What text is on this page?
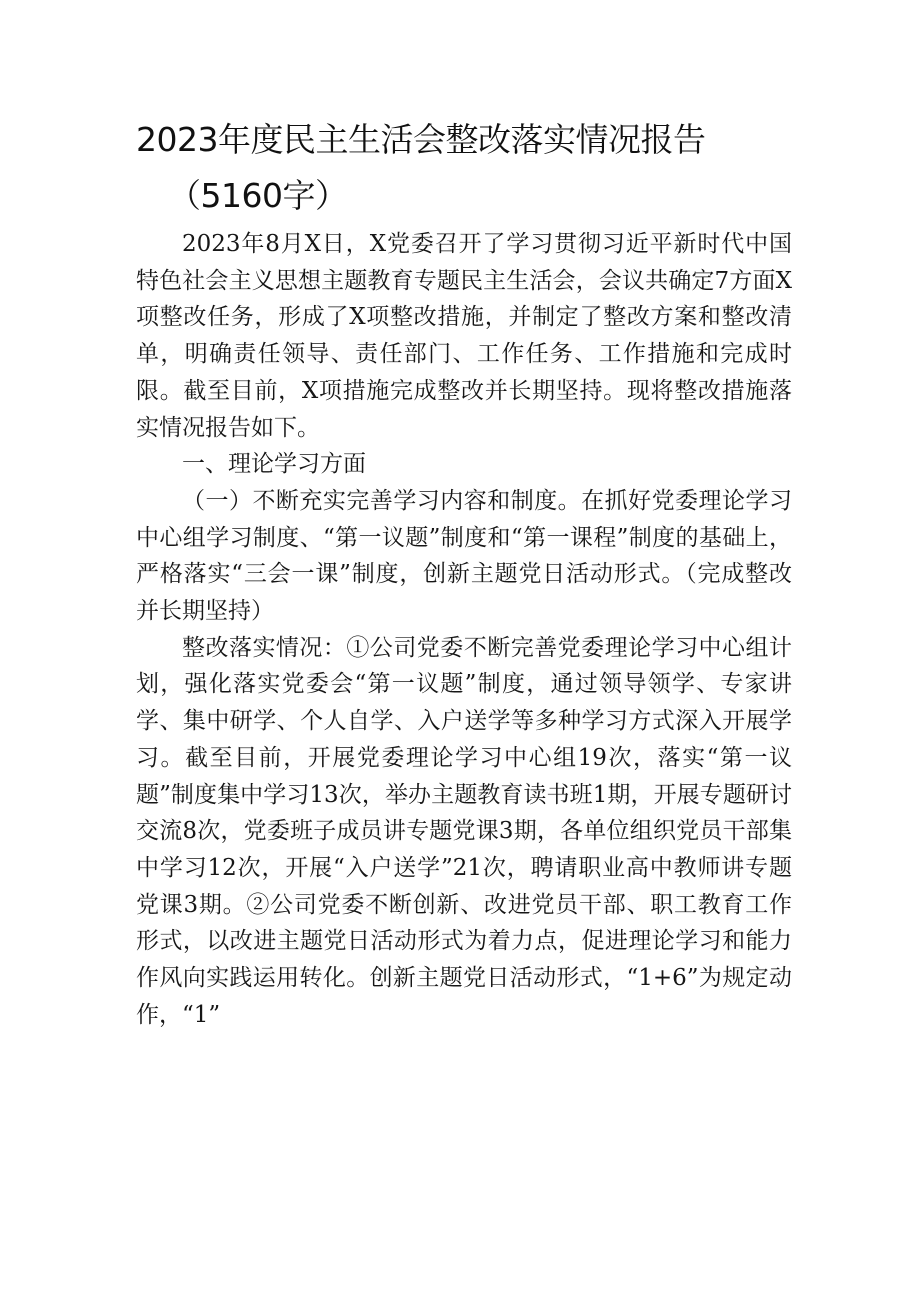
2023年度民主生活会整改落实情况报告
（5160字）

2023年8月X日，X党委召开了学习贯彻习近平新时代中国特色社会主义思想主题教育专题民主生活会，会议共确定7方面X项整改任务，形成了X项整改措施，并制定了整改方案和整改清单，明确责任领导、责任部门、工作任务、工作措施和完成时限。截至目前，X项措施完成整改并长期坚持。现将整改措施落实情况报告如下。

一、理论学习方面

（一）不断充实完善学习内容和制度。在抓好党委理论学习中心组学习制度、“第一议题”制度和“第一课程”制度的基础上，严格落实“三会一课”制度，创新主题党日活动形式。（完成整改并长期坚持）

整改落实情况：①公司党委不断完善党委理论学习中心组计划，强化落实党委会“第一议题”制度，通过领导领学、专家讲学、集中研学、个人自学、入户送学等多种学习方式深入开展学习。截至目前，开展党委理论学习中心组19次，落实“第一议题”制度集中学习13次，举办主题教育读书班1期，开展专题研讨交流8次，党委班子成员讲专题党课3期，各单位组织党员干部集中学习12次，开展“入户送学”21次，聘请职业高中教师讲专题党课3期。②公司党委不断创新、改进党员干部、职工教育工作形式，以改进主题党日活动形式为着力点，促进理论学习和能力作风向实践运用转化。创新主题党日活动形式，“1+6”为规定动作，“1”
